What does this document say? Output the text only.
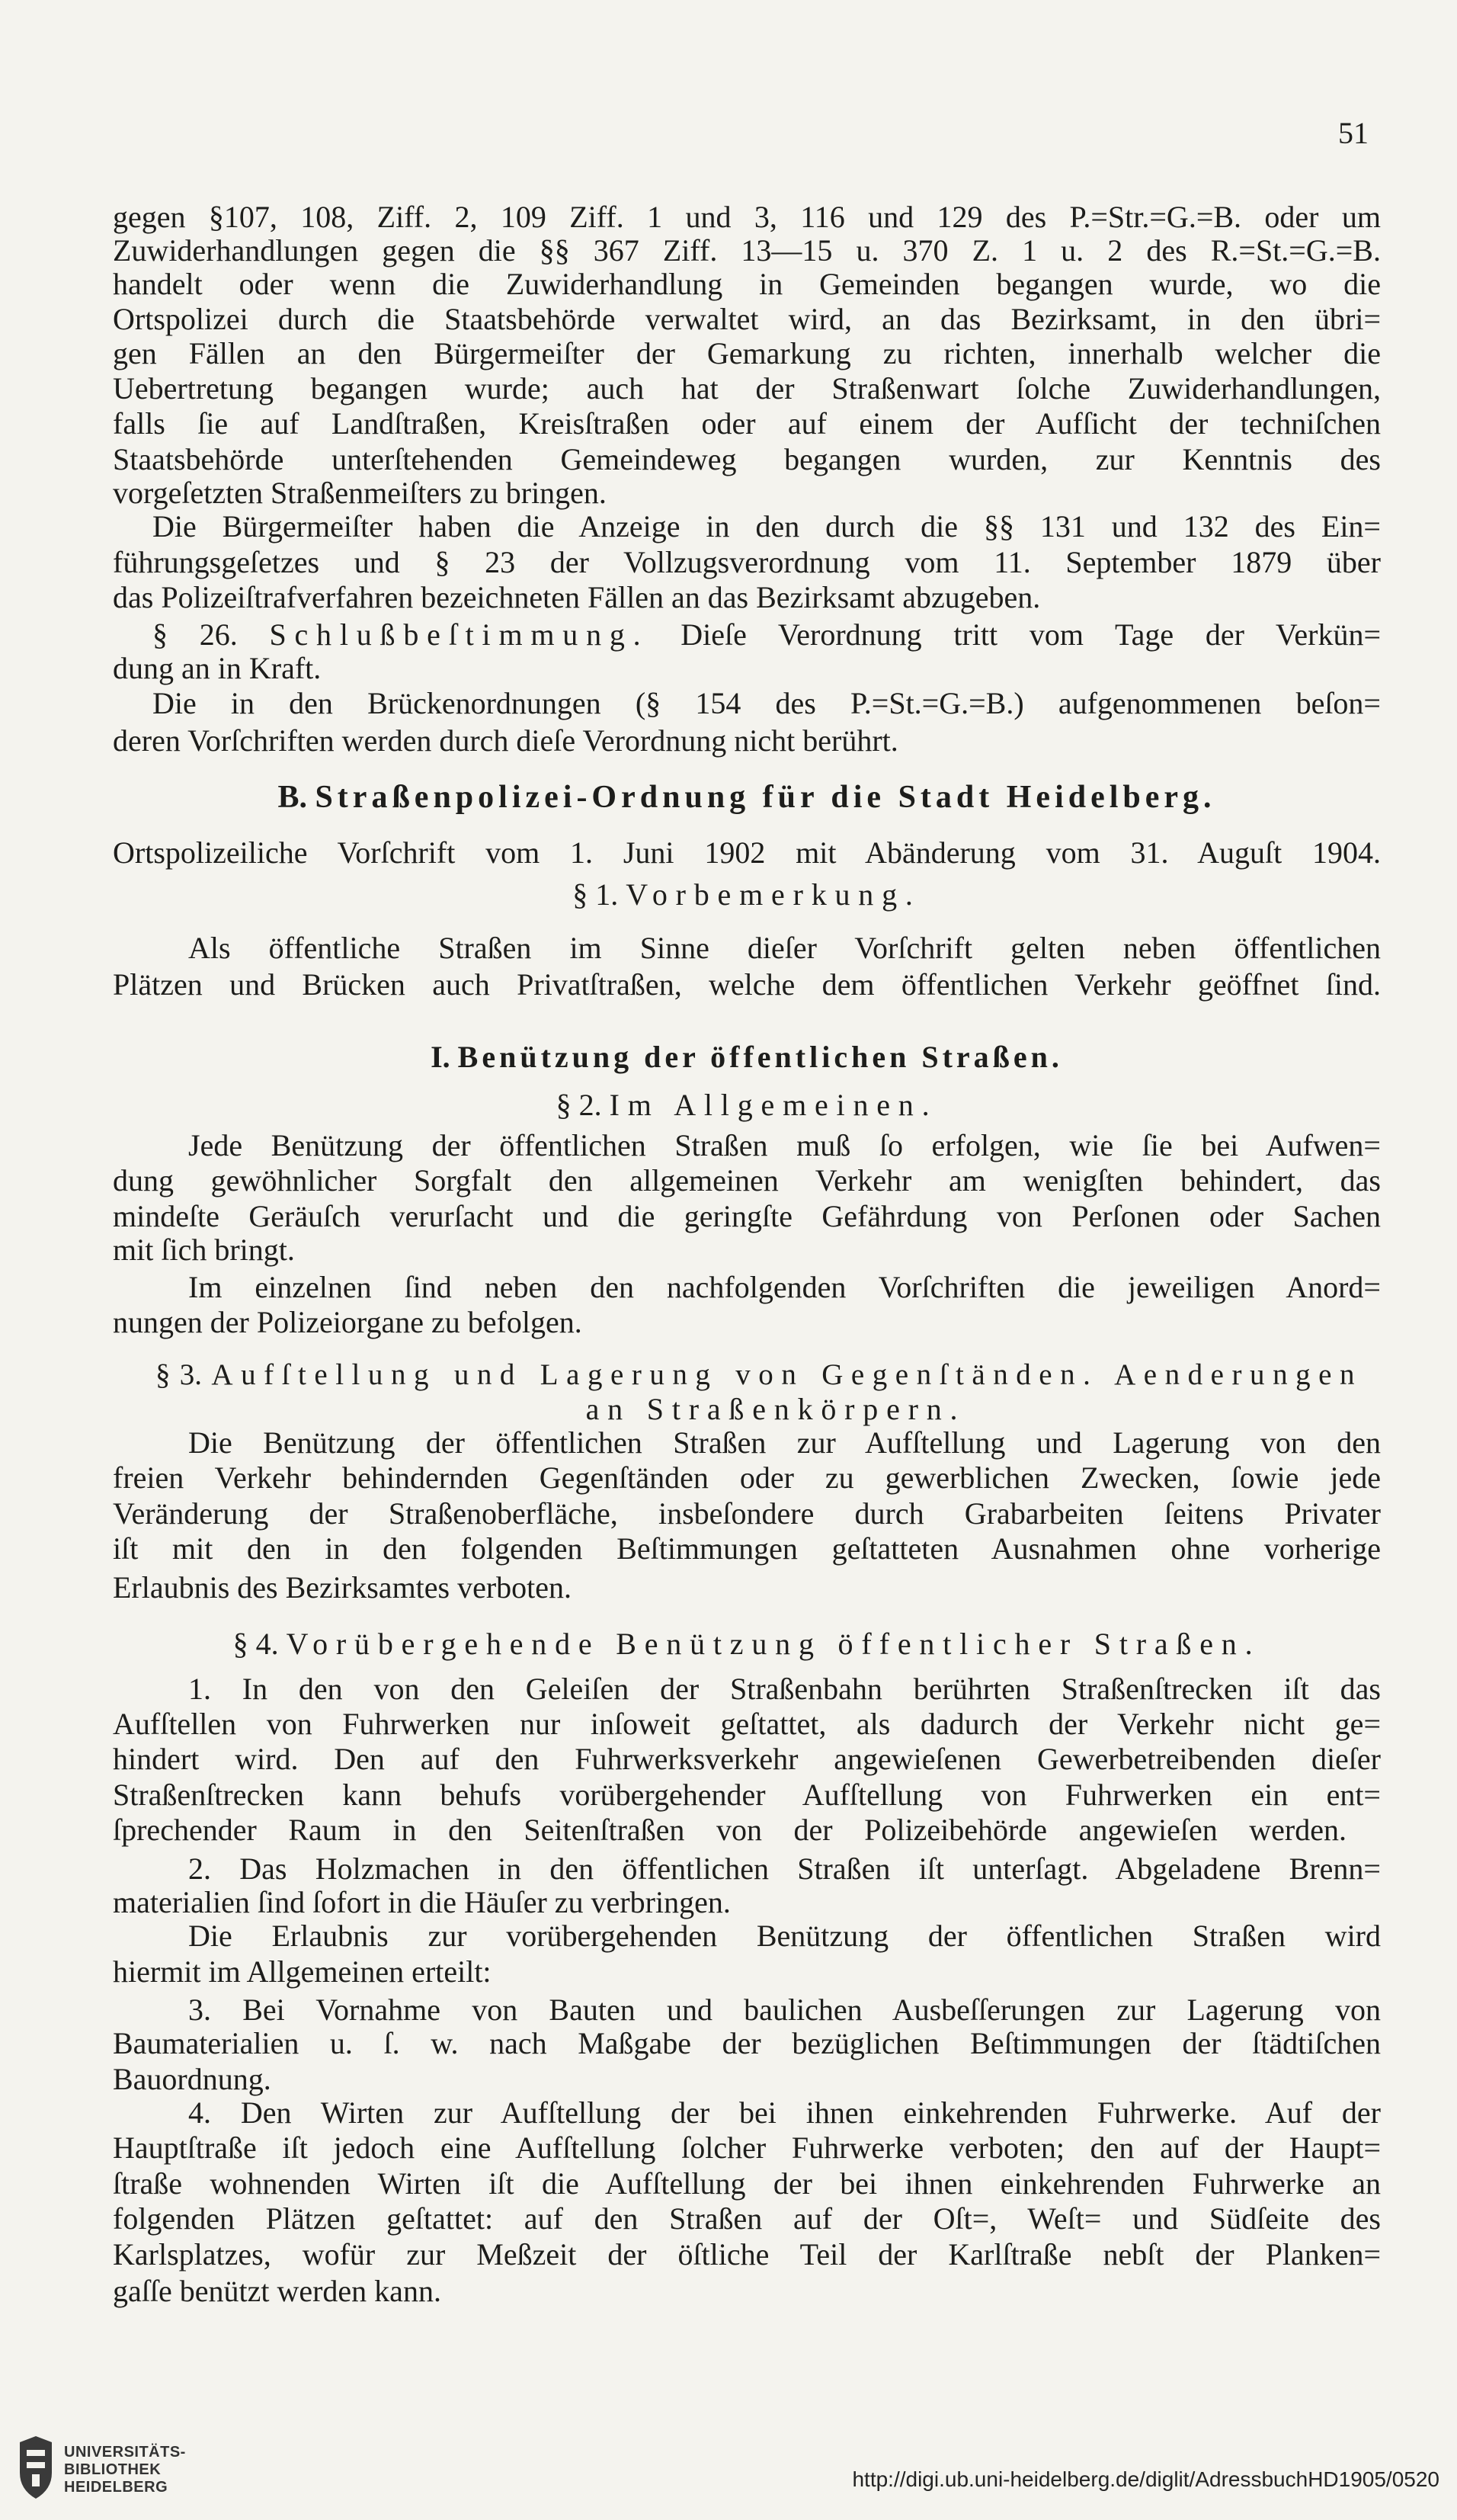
51
gegen §107, 108, Ziff. 2, 109 Ziff. 1 und 3, 116 und 129 des P.=Str.=G.=B. oder um
Zuwiderhandlungen gegen die §§ 367 Ziff. 13—15 u. 370 Z. 1 u. 2 des R.=St.=G.=B.
handelt oder wenn die Zuwiderhandlung in Gemeinden begangen wurde, wo die
Ortspolizei durch die Staatsbehörde verwaltet wird, an das Bezirksamt, in den übri=
gen Fällen an den Bürgermeiſter der Gemarkung zu richten, innerhalb welcher die
Uebertretung begangen wurde; auch hat der Straßenwart ſolche Zuwiderhandlungen,
falls ſie auf Landſtraßen, Kreisſtraßen oder auf einem der Aufſicht der techniſchen
Staatsbehörde unterſtehenden Gemeindeweg begangen wurden, zur Kenntnis des
vorgeſetzten Straßenmeiſters zu bringen.
Die Bürgermeiſter haben die Anzeige in den durch die §§ 131 und 132 des Ein=
führungsgeſetzes und § 23 der Vollzugsverordnung vom 11. September 1879 über
das Polizeiſtrafverfahren bezeichneten Fällen an das Bezirksamt abzugeben.
§ 26. Schlußbeſtimmung. Dieſe Verordnung tritt vom Tage der Verkün=
dung an in Kraft.
Die in den Brückenordnungen (§ 154 des P.=St.=G.=B.) aufgenommenen beſon=
deren Vorſchriften werden durch dieſe Verordnung nicht berührt.
B. Straßenpolizei-Ordnung für die Stadt Heidelberg.
Ortspolizeiliche Vorſchrift vom 1. Juni 1902 mit Abänderung vom 31. Auguſt 1904.
§ 1. Vorbemerkung.
Als öffentliche Straßen im Sinne dieſer Vorſchrift gelten neben öffentlichen
Plätzen und Brücken auch Privatſtraßen, welche dem öffentlichen Verkehr geöffnet ſind.
I. Benützung der öffentlichen Straßen.
§ 2. Im Allgemeinen.
Jede Benützung der öffentlichen Straßen muß ſo erfolgen, wie ſie bei Aufwen=
dung gewöhnlicher Sorgfalt den allgemeinen Verkehr am wenigſten behindert, das
mindeſte Geräuſch verurſacht und die geringſte Gefährdung von Perſonen oder Sachen
mit ſich bringt.
Im einzelnen ſind neben den nachfolgenden Vorſchriften die jeweiligen Anord=
nungen der Polizeiorgane zu befolgen.
§ 3. Aufſtellung und Lagerung von Gegenſtänden. Aenderungen
an Straßenkörpern.
Die Benützung der öffentlichen Straßen zur Aufſtellung und Lagerung von den
freien Verkehr behindernden Gegenſtänden oder zu gewerblichen Zwecken, ſowie jede
Veränderung der Straßenoberfläche, insbeſondere durch Grabarbeiten ſeitens Privater
iſt mit den in den folgenden Beſtimmungen geſtatteten Ausnahmen ohne vorherige
Erlaubnis des Bezirksamtes verboten.
§ 4. Vorübergehende Benützung öffentlicher Straßen.
1. In den von den Geleiſen der Straßenbahn berührten Straßenſtrecken iſt das
Aufſtellen von Fuhrwerken nur inſoweit geſtattet, als dadurch der Verkehr nicht ge=
hindert wird. Den auf den Fuhrwerksverkehr angewieſenen Gewerbetreibenden dieſer
Straßenſtrecken kann behufs vorübergehender Aufſtellung von Fuhrwerken ein ent=
ſprechender Raum in den Seitenſtraßen von der Polizeibehörde angewieſen werden.
2. Das Holzmachen in den öffentlichen Straßen iſt unterſagt. Abgeladene Brenn=
materialien ſind ſofort in die Häuſer zu verbringen.
Die Erlaubnis zur vorübergehenden Benützung der öffentlichen Straßen wird
hiermit im Allgemeinen erteilt:
3. Bei Vornahme von Bauten und baulichen Ausbeſſerungen zur Lagerung von
Baumaterialien u. ſ. w. nach Maßgabe der bezüglichen Beſtimmungen der ſtädtiſchen
Bauordnung.
4. Den Wirten zur Aufſtellung der bei ihnen einkehrenden Fuhrwerke. Auf der
Hauptſtraße iſt jedoch eine Aufſtellung ſolcher Fuhrwerke verboten; den auf der Haupt=
ſtraße wohnenden Wirten iſt die Aufſtellung der bei ihnen einkehrenden Fuhrwerke an
folgenden Plätzen geſtattet: auf den Straßen auf der Oſt=, Weſt= und Südſeite des
Karlsplatzes, wofür zur Meßzeit der öſtliche Teil der Karlſtraße nebſt der Planken=
gaſſe benützt werden kann.
UNIVERSITÄTS-
BIBLIOTHEK
HEIDELBERG	http://digi.ub.uni-heidelberg.de/diglit/AdressbuchHD1905/0520
